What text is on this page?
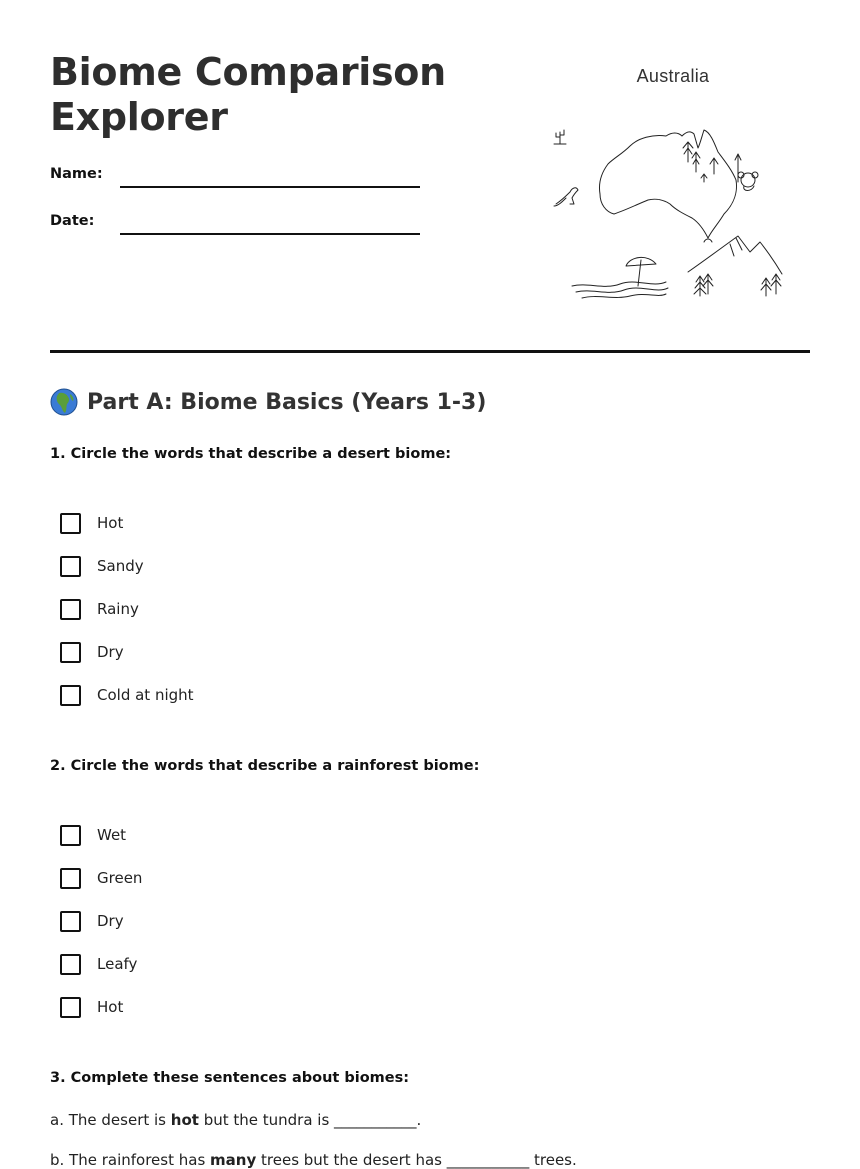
Biome Comparison
Explorer
Name:
Date:
Australia
Part A: Biome Basics (Years 1-3)
1. Circle the words that describe a desert biome:
Hot
Sandy
Rainy
Dry
Cold at night
2. Circle the words that describe a rainforest biome:
Wet
Green
Dry
Leafy
Hot
3. Complete these sentences about biomes:
a. The desert is hot but the tundra is ___________.
b. The rainforest has many trees but the desert has ___________ trees.
